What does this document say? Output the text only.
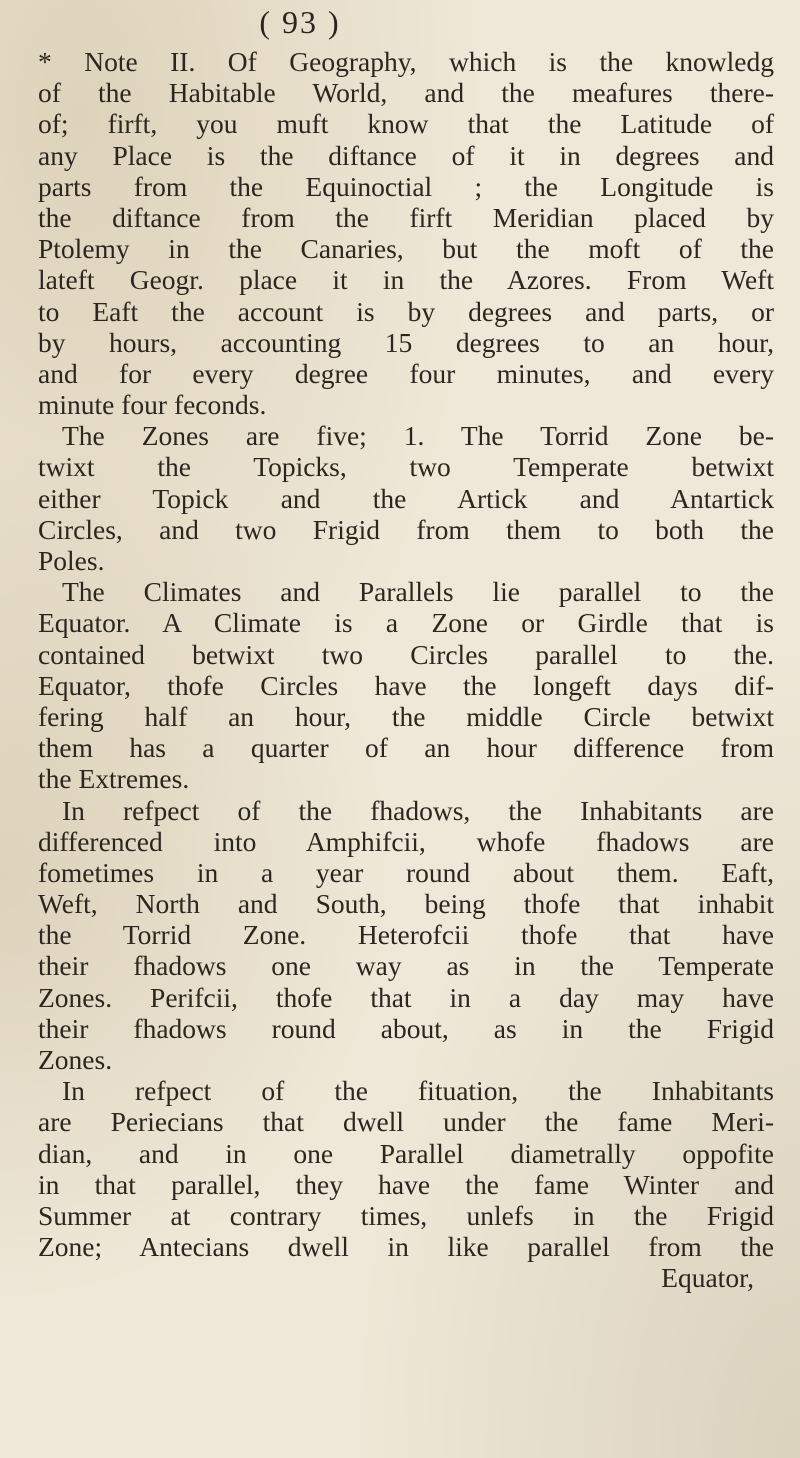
( 93 )
* Note II. Of Geography, which is the knowledg
of the Habitable World, and the meafures there-
of; firft, you muft know that the Latitude of
any Place is the diftance of it in degrees and
parts from the Equinoctial ; the Longitude is
the diftance from the firft Meridian placed by
Ptolemy in the Canaries, but the moft of the
lateft Geogr. place it in the Azores. From Weft
to Eaft the account is by degrees and parts, or
by hours, accounting 15 degrees to an hour,
and for every degree four minutes, and every
minute four feconds.
The Zones are five; 1. The Torrid Zone be-
twixt the Topicks, two Temperate betwixt
either Topick and the Artick and Antartick
Circles, and two Frigid from them to both the
Poles.
The Climates and Parallels lie parallel to the
Equator. A Climate is a Zone or Girdle that is
contained betwixt two Circles parallel to the.
Equator, thofe Circles have the longeft days dif-
fering half an hour, the middle Circle betwixt
them has a quarter of an hour difference from
the Extremes.
In refpect of the fhadows, the Inhabitants are
differenced into Amphifcii, whofe fhadows are
fometimes in a year round about them. Eaft,
Weft, North and South, being thofe that inhabit
the Torrid Zone. Heterofcii thofe that have
their fhadows one way as in the Temperate
Zones. Perifcii, thofe that in a day may have
their fhadows round about, as in the Frigid
Zones.
In refpect of the fituation, the Inhabitants
are Periecians that dwell under the fame Meri-
dian, and in one Parallel diametrally oppofite
in that parallel, they have the fame Winter and
Summer at contrary times, unlefs in the Frigid
Zone; Antecians dwell in like parallel from the
Equator,
